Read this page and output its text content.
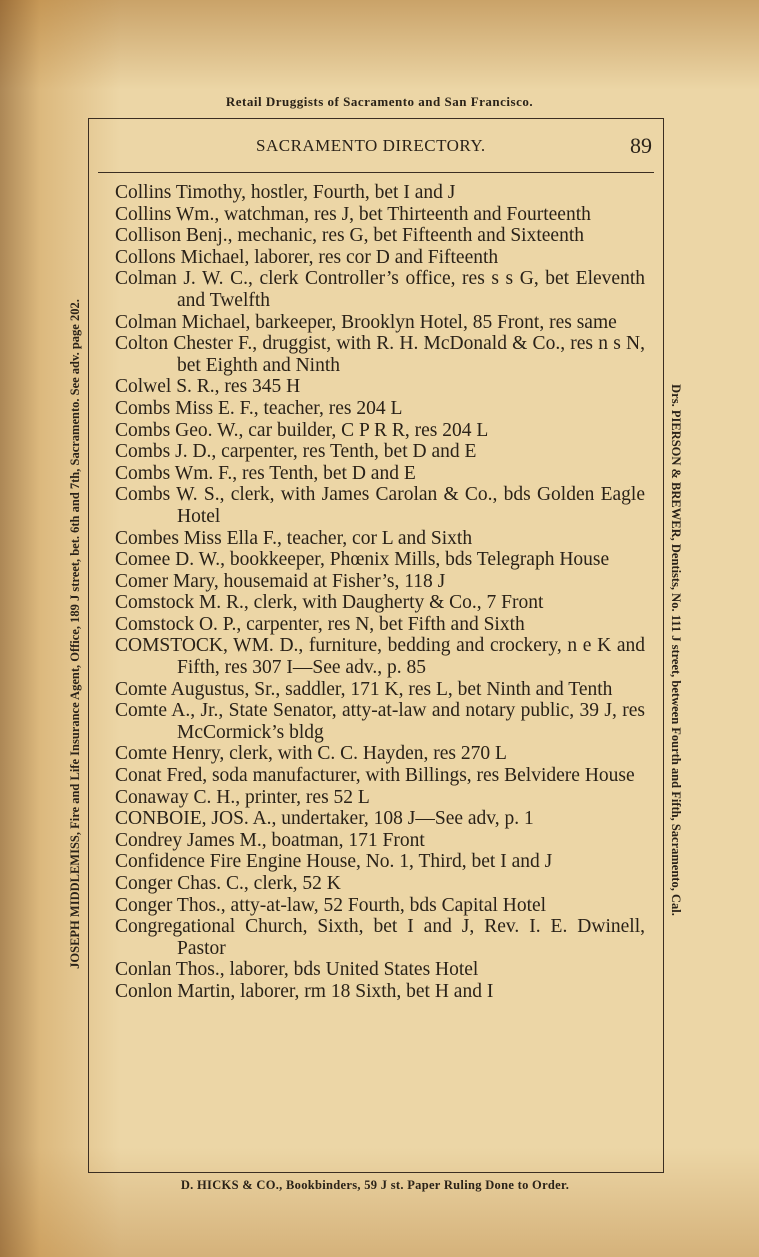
Retail Druggists of Sacramento and San Francisco.
SACRAMENTO DIRECTORY.	89
Collins Timothy, hostler, Fourth, bet I and J
Collins Wm., watchman, res J, bet Thirteenth and Fourteenth
Collison Benj., mechanic, res G, bet Fifteenth and Sixteenth
Collons Michael, laborer, res cor D and Fifteenth
Colman J. W. C., clerk Controller’s office, res s s G, bet Eleventh and Twelfth
Colman Michael, barkeeper, Brooklyn Hotel, 85 Front, res same
Colton Chester F., druggist, with R. H. McDonald & Co., res n s N, bet Eighth and Ninth
Colwel S. R., res 345 H
Combs Miss E. F., teacher, res 204 L
Combs Geo. W., car builder, C P R R, res 204 L
Combs J. D., carpenter, res Tenth, bet D and E
Combs Wm. F., res Tenth, bet D and E
Combs W. S., clerk, with James Carolan & Co., bds Golden Eagle Hotel
Combes Miss Ella F., teacher, cor L and Sixth
Comee D. W., bookkeeper, Phœnix Mills, bds Telegraph House
Comer Mary, housemaid at Fisher’s, 118 J
Comstock M. R., clerk, with Daugherty & Co., 7 Front
Comstock O. P., carpenter, res N, bet Fifth and Sixth
COMSTOCK, WM. D., furniture, bedding and crockery, n e K and Fifth, res 307 I—See adv., p. 85
Comte Augustus, Sr., saddler, 171 K, res L, bet Ninth and Tenth
Comte A., Jr., State Senator, atty-at-law and notary public, 39 J, res McCormick’s bldg
Comte Henry, clerk, with C. C. Hayden, res 270 L
Conat Fred, soda manufacturer, with Billings, res Belvidere House
Conaway C. H., printer, res 52 L
CONBOIE, JOS. A., undertaker, 108 J—See adv, p. 1
Condrey James M., boatman, 171 Front
Confidence Fire Engine House, No. 1, Third, bet I and J
Conger Chas. C., clerk, 52 K
Conger Thos., atty-at-law, 52 Fourth, bds Capital Hotel
Congregational Church, Sixth, bet I and J, Rev. I. E. Dwinell, Pastor
Conlan Thos., laborer, bds United States Hotel
Conlon Martin, laborer, rm 18 Sixth, bet H and I
JOSEPH MIDDLEMISS, Fire and Life Insurance Agent, Office, 189 J street, bet. 6th and 7th, Sacramento. See adv. page 202.	Drs. PIERSON & BREWER, Dentists, No. 111 J street, between Fourth and Fifth, Sacramento, Cal.
D. HICKS & CO., Bookbinders, 59 J st. Paper Ruling Done to Order.
